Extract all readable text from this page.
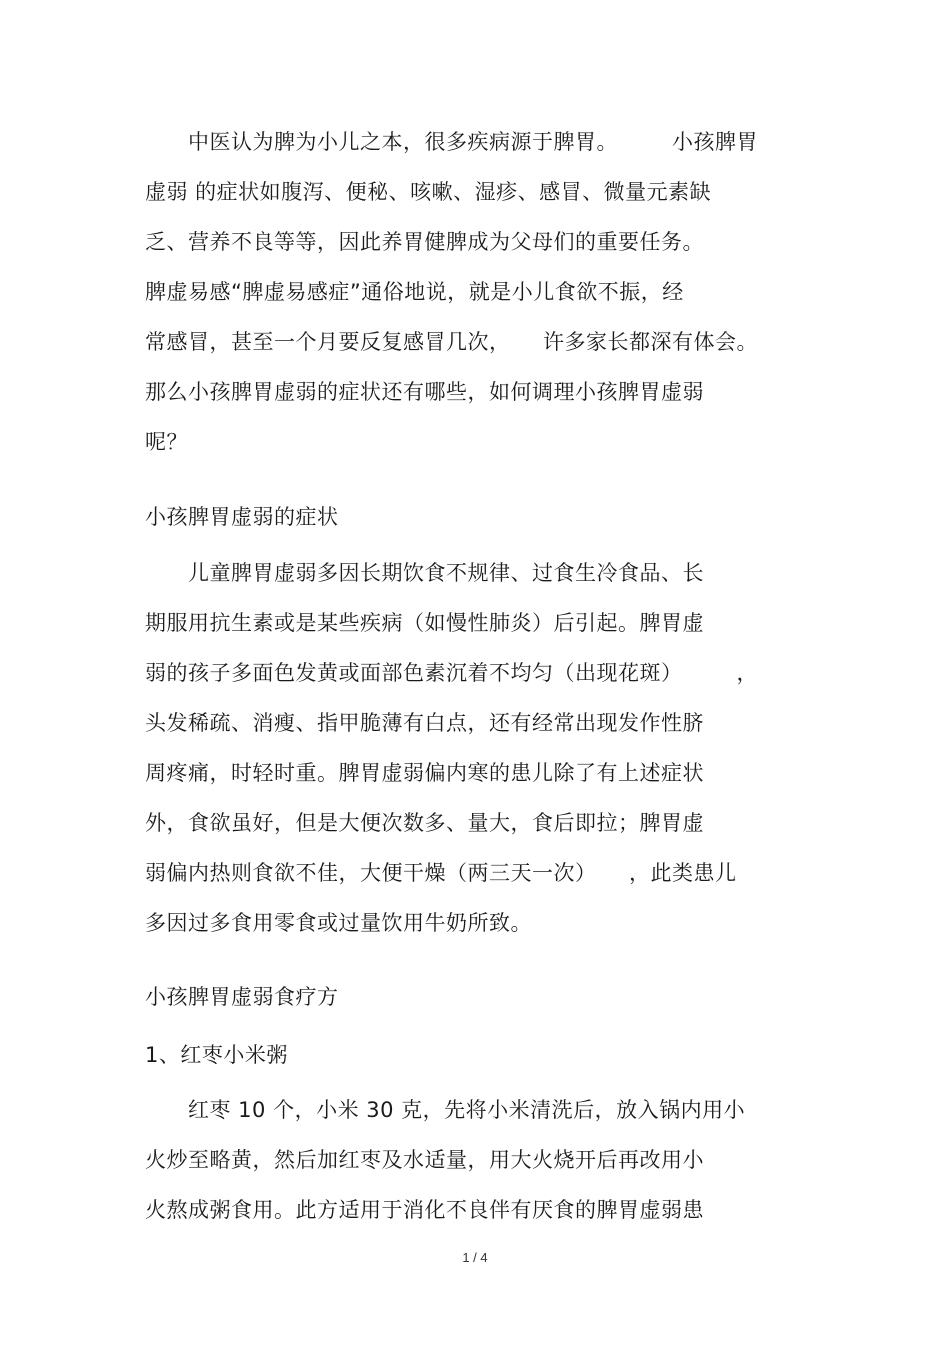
　　中医认为脾为小儿之本，很多疾病源于脾胃。　　　小孩脾胃
虚弱 的症状如腹泻、便秘、咳嗽、湿疹、感冒、微量元素缺
乏、营养不良等等，因此养胃健脾成为父母们的重要任务。
脾虚易感“脾虚易感症”通俗地说，就是小儿食欲不振，经
常感冒，甚至一个月要反复感冒几次，　　许多家长都深有体会。
那么小孩脾胃虚弱的症状还有哪些，如何调理小孩脾胃虚弱
呢？
小孩脾胃虚弱的症状
　　儿童脾胃虚弱多因长期饮食不规律、过食生冷食品、长
期服用抗生素或是某些疾病（如慢性肺炎）后引起。脾胃虚
弱的孩子多面色发黄或面部色素沉着不均匀（出现花斑）　　　，
头发稀疏、消瘦、指甲脆薄有白点，还有经常出现发作性脐
周疼痛，时轻时重。脾胃虚弱偏内寒的患儿除了有上述症状
外，食欲虽好，但是大便次数多、量大，食后即拉；脾胃虚
弱偏内热则食欲不佳，大便干燥（两三天一次）　　，此类患儿
多因过多食用零食或过量饮用牛奶所致。
小孩脾胃虚弱食疗方
1、红枣小米粥
　　红枣 10 个，小米 30 克，先将小米清洗后，放入锅内用小
火炒至略黄，然后加红枣及水适量，用大火烧开后再改用小
火熬成粥食用。此方适用于消化不良伴有厌食的脾胃虚弱患
1 / 4
